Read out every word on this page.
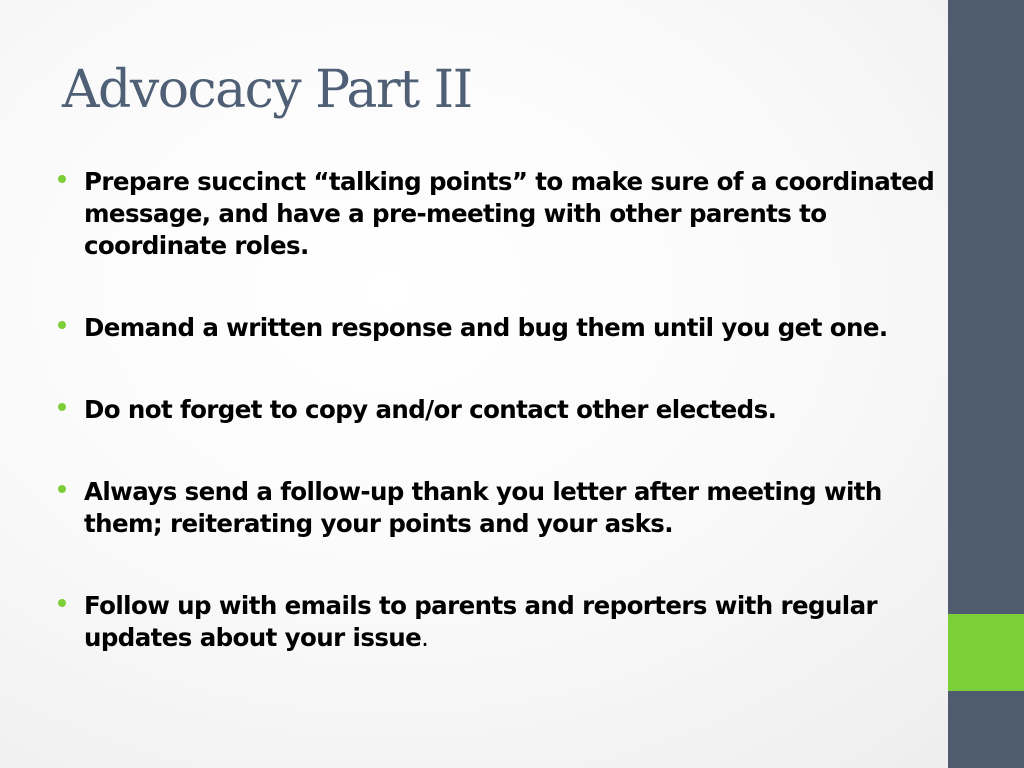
Advocacy Part II
Prepare succinct “talking points” to make sure of a coordinated message, and have a pre-meeting with other parents to coordinate roles.
Demand a written response and bug them until you get one.
Do not forget to copy and/or contact other electeds.
Always send a follow-up thank you letter after meeting with them; reiterating your points and your asks.
Follow up with emails to parents and reporters with regular updates about your issue.
